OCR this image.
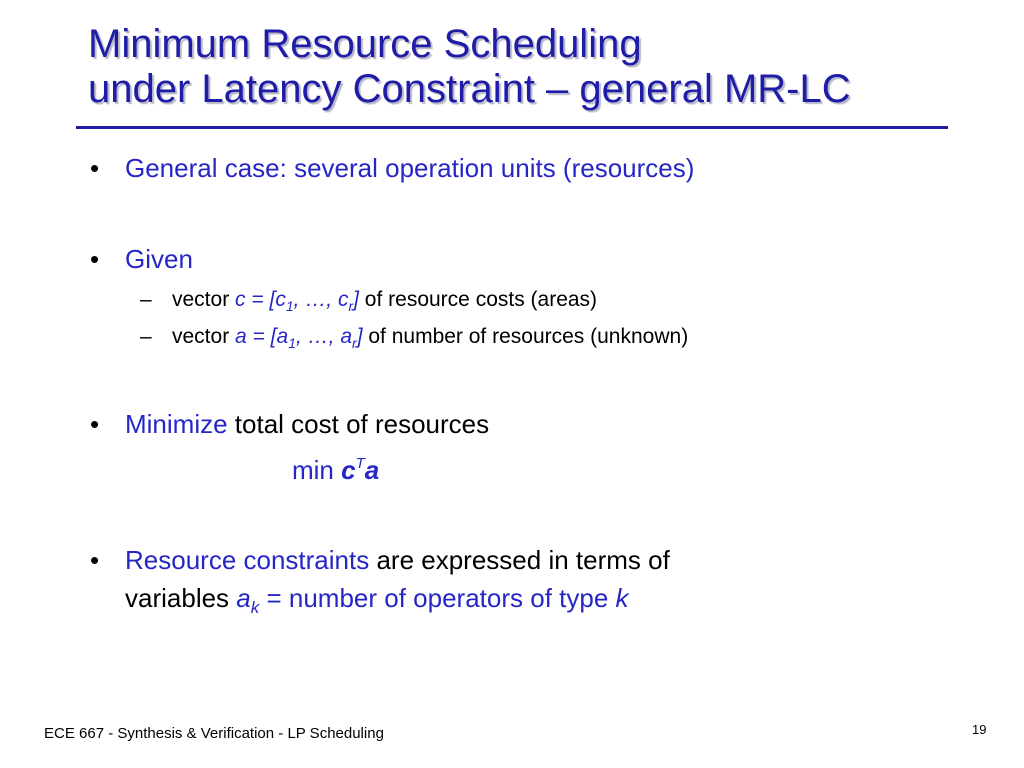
Minimum Resource Scheduling
under Latency Constraint – general MR-LC
• General case: several operation units (resources)
• Given
– vector $c = [c_1$, …, $c_r$] of resource costs (areas)
– vector $a = [a_1$, …, $a_r$] of number of resources (unknown)
• Minimize total cost of resources
$\min c^Ta$
• Resource constraints are expressed in terms of
variables $a_k$ = number of operators of type k
ECE 667 - Synthesis & Verification - LP Scheduling	19
